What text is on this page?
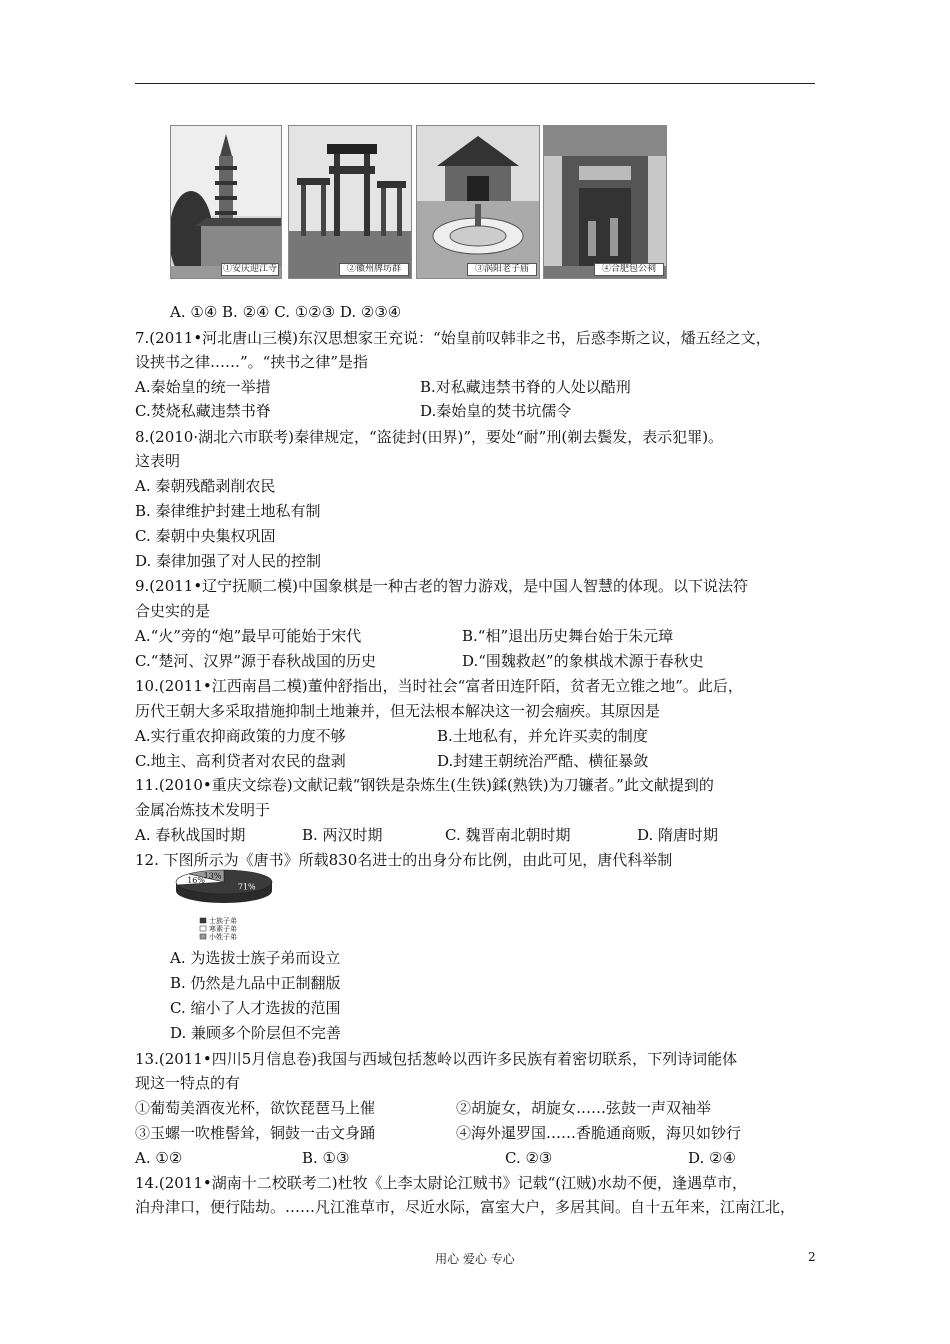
①安庆迎江寺	②徽州牌坊群	③涡阳老子庙	④合肥包公祠
A. ①④ B. ②④ C. ①②③ D. ②③④
7.(2011•河北唐山三模)东汉思想家王充说：“始皇前叹韩非之书，后惑李斯之议，燔五经之文，
设挟书之律……”。“挟书之律”是指
A.秦始皇的统一举措	B.对私藏违禁书脊的人处以酷刑
C.焚烧私藏违禁书脊	D.秦始皇的焚书坑儒令
8.(2010·湖北六市联考)秦律规定，“盗徒封(田界)”，要处“耐”刑(剃去鬓发，表示犯罪)。
这表明
A. 秦朝残酷剥削农民
B. 秦律维护封建土地私有制
C. 秦朝中央集权巩固
D. 秦律加强了对人民的控制
9.(2011•辽宁抚顺二模)中国象棋是一种古老的智力游戏，是中国人智慧的体现。以下说法符
合史实的是
A.“火”旁的“炮”最早可能始于宋代	B.“相”退出历史舞台始于朱元璋
C.“楚河、汉界”源于春秋战国的历史	D.“围魏救赵”的象棋战术源于春秋史
10.(2011•江西南昌二模)董仲舒指出，当时社会“富者田连阡陌，贫者无立锥之地”。此后，
历代王朝大多采取措施抑制土地兼并，但无法根本解决这一初会痼疾。其原因是
A.实行重农抑商政策的力度不够	B.土地私有，并允许买卖的制度
C.地主、高利贷者对农民的盘剥	D.封建王朝统治严酷、横征暴敛
11.(2010•重庆文综卷)文献记载“钢铁是杂炼生(生铁)鍒(熟铁)为刀镰者。”此文献提到的
金属冶炼技术发明于
A. 春秋战国时期	B. 两汉时期	C. 魏晋南北朝时期	D. 隋唐时期
12. 下图所示为《唐书》所载830名进士的出身分布比例，由此可见，唐代科举制
71%
16%
13%
士族子弟
寒素子弟
小姓子弟
A. 为选拔士族子弟而设立
B. 仍然是九品中正制翻版
C. 缩小了人才选拔的范围
D. 兼顾多个阶层但不完善
13.(2011•四川5月信息卷)我国与西域包括葱岭以西许多民族有着密切联系，下列诗词能体
现这一特点的有
①葡萄美酒夜光杯，欲饮琵琶马上催	②胡旋女，胡旋女……弦鼓一声双袖举
③玉螺一吹椎髻耸，铜鼓一击文身踊	④海外暹罗国……香脆通商贩，海贝如钞行
A. ①②	B. ①③	C. ②③	D. ②④
14.(2011•湖南十二校联考二)杜牧《上李太尉论江贼书》记载“(江贼)水劫不便，逢遇草市，
泊舟津口，便行陆劫。……凡江淮草市，尽近水际，富室大户，多居其间。自十五年来，江南江北，
用心 爱心 专心	2
